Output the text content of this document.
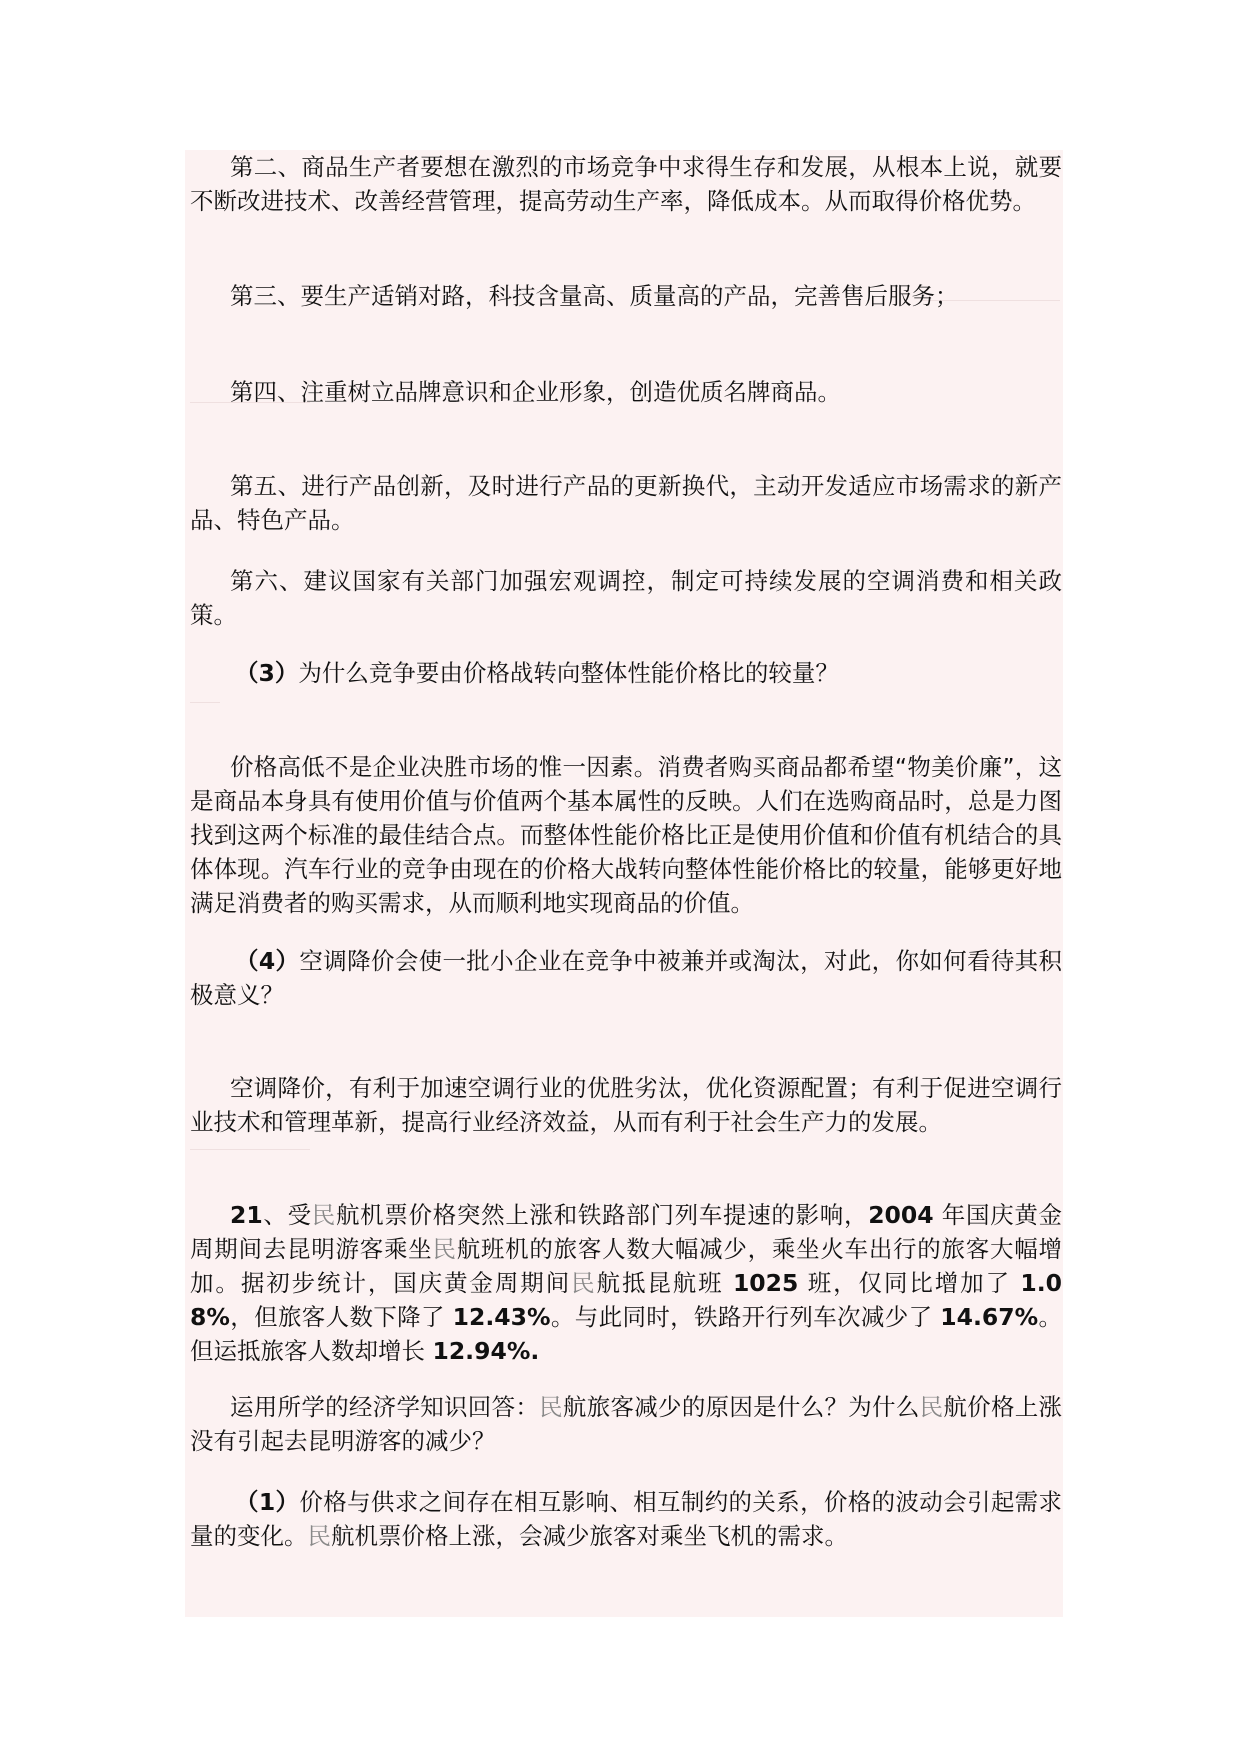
第二、商品生产者要想在激烈的市场竞争中求得生存和发展，从根本上说，就要不断改进技术、改善经营管理，提高劳动生产率，降低成本。从而取得价格优势。

第三、要生产适销对路，科技含量高、质量高的产品，完善售后服务；

第四、注重树立品牌意识和企业形象，创造优质名牌商品。

第五、进行产品创新，及时进行产品的更新换代，主动开发适应市场需求的新产品、特色产品。

第六、建议国家有关部门加强宏观调控，制定可持续发展的空调消费和相关政策。

（3）为什么竞争要由价格战转向整体性能价格比的较量？

价格高低不是企业决胜市场的惟一因素。消费者购买商品都希望“物美价廉”，这是商品本身具有使用价值与价值两个基本属性的反映。人们在选购商品时，总是力图找到这两个标准的最佳结合点。而整体性能价格比正是使用价值和价值有机结合的具体体现。汽车行业的竞争由现在的价格大战转向整体性能价格比的较量，能够更好地满足消费者的购买需求，从而顺利地实现商品的价值。

（4）空调降价会使一批小企业在竞争中被兼并或淘汰，对此，你如何看待其积极意义？

空调降价，有利于加速空调行业的优胜劣汰，优化资源配置；有利于促进空调行业技术和管理革新，提高行业经济效益，从而有利于社会生产力的发展。

21、受民航机票价格突然上涨和铁路部门列车提速的影响，2004 年国庆黄金周期间去昆明游客乘坐民航班机的旅客人数大幅减少，乘坐火车出行的旅客大幅增加。据初步统计，国庆黄金周期间民航抵昆航班 1025 班，仅同比增加了 1.08%，但旅客人数下降了 12.43%。与此同时，铁路开行列车次减少了 14.67%。但运抵旅客人数却增长 12.94%.

运用所学的经济学知识回答：民航旅客减少的原因是什么？为什么民航价格上涨没有引起去昆明游客的减少？

（1）价格与供求之间存在相互影响、相互制约的关系，价格的波动会引起需求量的变化。民航机票价格上涨，会减少旅客对乘坐飞机的需求。
